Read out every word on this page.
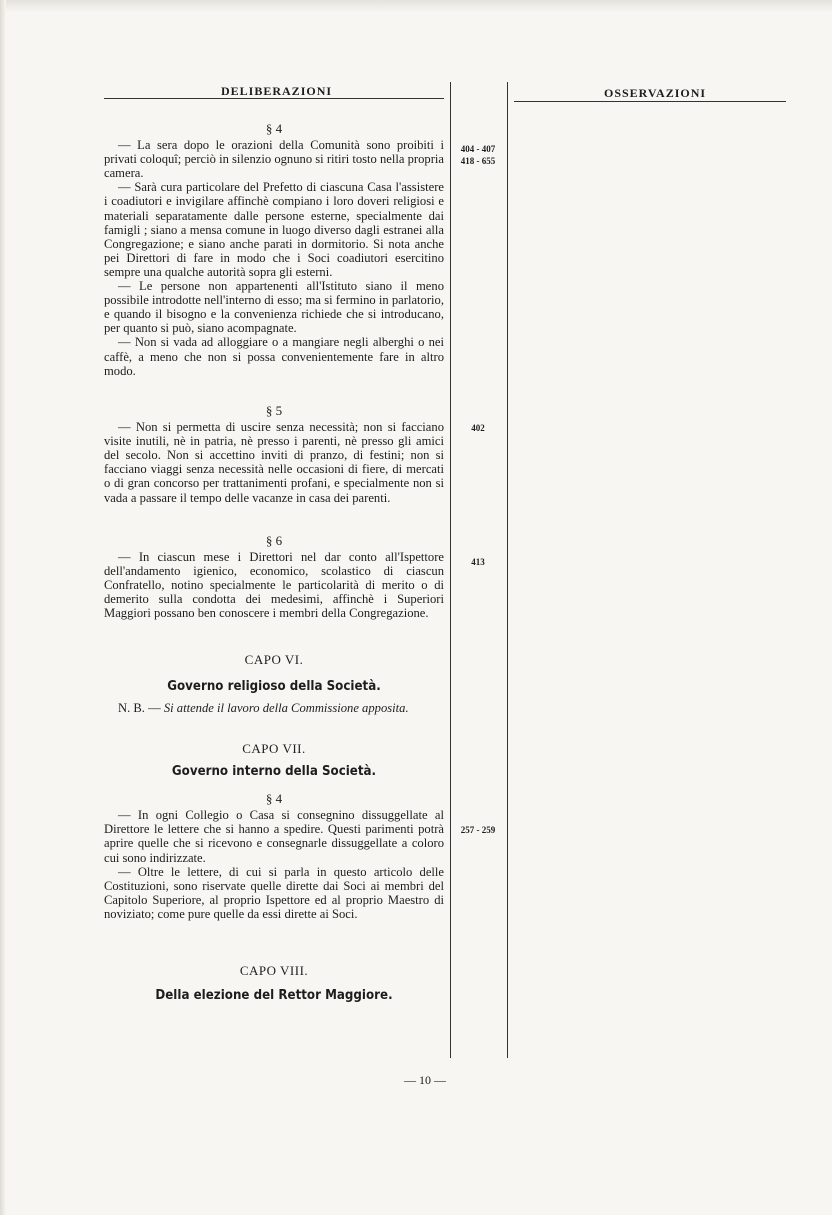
DELIBERAZIONI	OSSERVAZIONI

§ 4

— La sera dopo le orazioni della Comunità sono proibiti i privati coloquî; perciò in silenzio ognuno si ritiri tosto nella propria camera.

— Sarà cura particolare del Prefetto di ciascuna Casa l'assistere i coadiutori e invigilare affinchè compiano i loro doveri religiosi e materiali separatamente dalle persone esterne, specialmente dai famigli ; siano a mensa comune in luogo diverso dagli estranei alla Congregazione; e siano anche parati in dormitorio. Si nota anche pei Direttori di fare in modo che i Soci coadiutori esercitino sempre una qualche autorità sopra gli esterni.

— Le persone non appartenenti all'Istituto siano il meno possibile introdotte nell'interno di esso; ma si fermino in parlatorio, e quando il bisogno e la convenienza richiede che si introducano, per quanto si può, siano acompagnate.

— Non si vada ad alloggiare o a mangiare negli alberghi o nei caffè, a meno che non si possa convenientemente fare in altro modo.

404 - 407
418 - 655

§ 5

— Non si permetta di uscire senza necessità; non si facciano visite inutili, nè in patria, nè presso i parenti, nè presso gli amici del secolo. Non si accettino inviti di pranzo, di festini; non si facciano viaggi senza necessità nelle occasioni di fiere, di mercati o di gran concorso per trattanimenti profani, e specialmente non si vada a passare il tempo delle vacanze in casa dei parenti.

402

§ 6

— In ciascun mese i Direttori nel dar conto all'Ispettore dell'andamento igienico, economico, scolastico di ciascun Confratello, notino specialmente le particolarità di merito o di demerito sulla condotta dei medesimi, affinchè i Superiori Maggiori possano ben conoscere i membri della Congregazione.

413

CAPO VI.

Governo religioso della Società.

N. B. — Si attende il lavoro della Commissione apposita.

CAPO VII.

Governo interno della Società.

§ 4

— In ogni Collegio o Casa si consegnino dissuggellate al Direttore le lettere che si hanno a spedire. Questi parimenti potrà aprire quelle che si ricevono e consegnarle dissuggellate a coloro cui sono indirizzate.

— Oltre le lettere, di cui si parla in questo articolo delle Costituzioni, sono riservate quelle dirette dai Soci ai membri del Capitolo Superiore, al proprio Ispettore ed al proprio Maestro di noviziato; come pure quelle da essi dirette ai Soci.

257 - 259

CAPO VIII.

Della elezione del Rettor Maggiore.

— 10 —
